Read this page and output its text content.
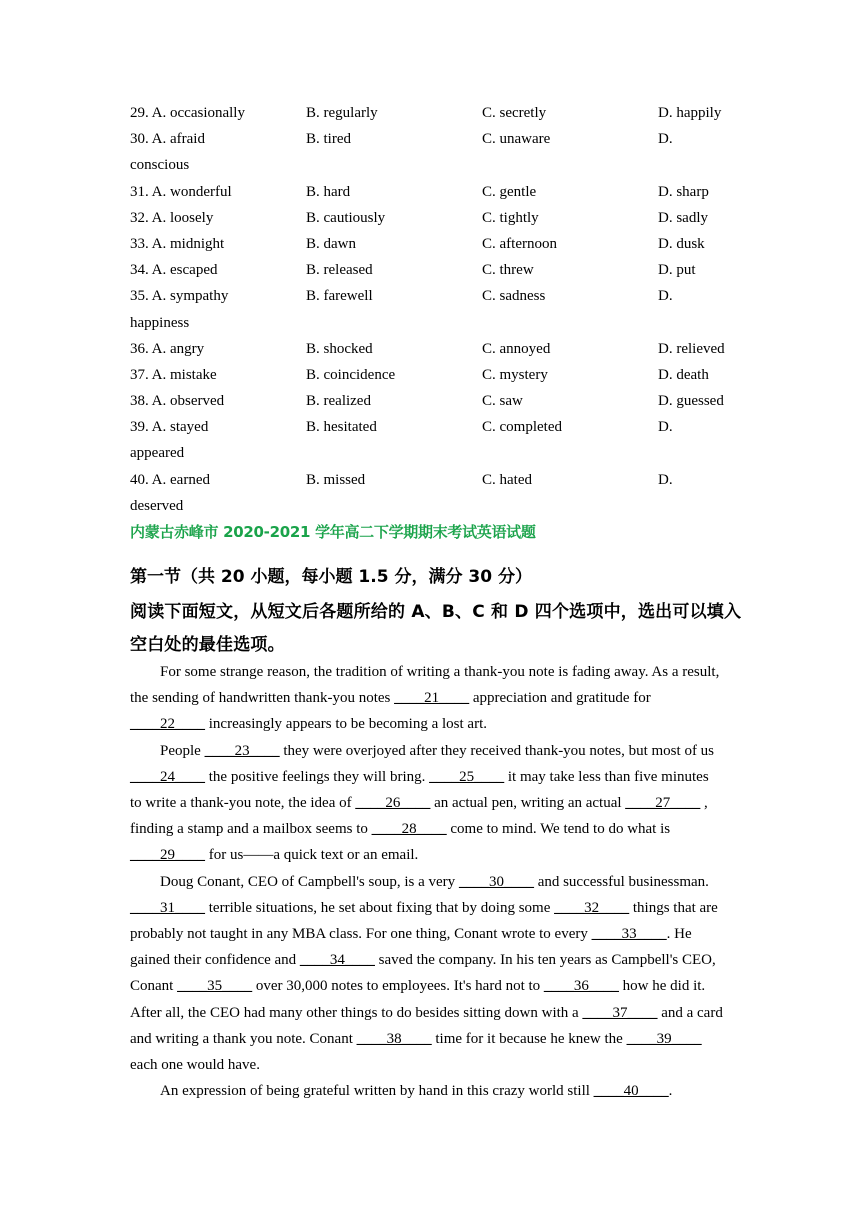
29. A. occasionally	B. regularly	C. secretly	D. happily
30. A. afraid	B. tired	C. unaware	D.
conscious
31. A. wonderful	B. hard	C. gentle	D. sharp
32. A. loosely	B. cautiously	C. tightly	D. sadly
33. A. midnight	B. dawn	C. afternoon	D. dusk
34. A. escaped	B. released	C. threw	D. put
35. A. sympathy	B. farewell	C. sadness	D.
happiness
36. A. angry	B. shocked	C. annoyed	D. relieved
37. A. mistake	B. coincidence	C. mystery	D. death
38. A. observed	B. realized	C. saw	D. guessed
39. A. stayed	B. hesitated	C. completed	D.
appeared
40. A. earned	B. missed	C. hated	D.
deserved
内蒙古赤峰市 2020-2021 学年高二下学期期末考试英语试题
第一节（共 20 小题，每小题 1.5 分，满分 30 分）
阅读下面短文，从短文后各题所给的 A、B、C 和 D 四个选项中，选出可以填入空白处的最佳选项。
For some strange reason, the tradition of writing a thank-you note is fading away. As a result,
the sending of handwritten thank-you notes ____21____ appreciation and gratitude for
____22____ increasingly appears to be becoming a lost art.
People ____23____ they were overjoyed after they received thank-you notes, but most of us
____24____ the positive feelings they will bring. ____25____ it may take less than five minutes
to write a thank-you note, the idea of ____26____ an actual pen, writing an actual ____27____ ,
finding a stamp and a mailbox seems to ____28____ come to mind. We tend to do what is
____29____ for us——a quick text or an email.
Doug Conant, CEO of Campbell's soup, is a very ____30____ and successful businessman.
____31____ terrible situations, he set about fixing that by doing some ____32____ things that are
probably not taught in any MBA class. For one thing, Conant wrote to every ____33____. He
gained their confidence and ____34____ saved the company. In his ten years as Campbell's CEO,
Conant ____35____ over 30,000 notes to employees. It's hard not to ____36____ how he did it.
After all, the CEO had many other things to do besides sitting down with a ____37____ and a card
and writing a thank you note. Conant ____38____ time for it because he knew the ____39____
each one would have.
An expression of being grateful written by hand in this crazy world still ____40____.
